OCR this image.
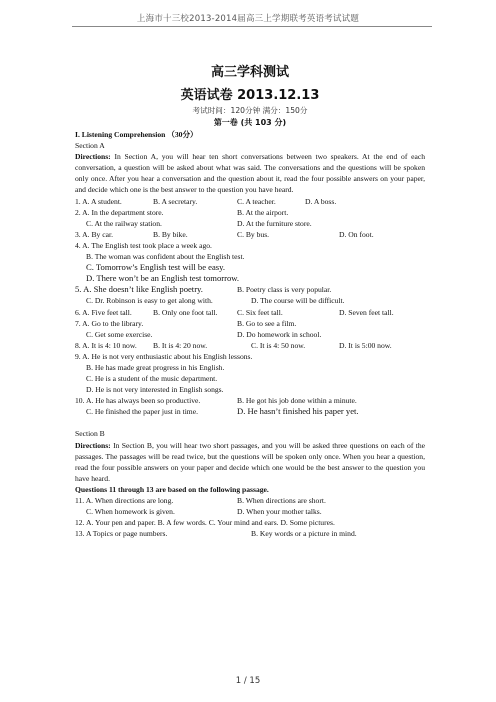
上海市十三校2013-2014届高三上学期联考英语考试试题
高三学科测试
英语试卷 2013.12.13
考试时间：120分钟 满分：150分
第一卷 (共 103 分)
I. Listening Comprehension （30分）
Section A

Directions: In Section A, you will hear ten short conversations between two speakers. At the end of each conversation, a question will be asked about what was said. The conversations and the questions will be spoken only once. After you hear a conversation and the question about it, read the four possible answers on your paper, and decide which one is the best answer to the question you have heard.

1. A. A student.	B. A secretary.	C. A teacher.	D. A boss.
2. A. In the department store.	B. At the airport.
C. At the railway station.	D. At the furniture store.
3. A. By car.	B. By bike.	C. By bus.	D. On foot.
4. A. The English test took place a week ago.
B. The woman was confident about the English test.
C. Tomorrow’s English test will be easy.
D. There won’t be an English test tomorrow.
5. A. She doesn’t like English poetry.	B. Poetry class is very popular.
C. Dr. Robinson is easy to get along with.	D. The course will be difficult.
6. A. Five feet tall.	B. Only one foot tall.	C. Six feet tall.	D. Seven feet tall.
7. A. Go to the library.	B. Go to see a film.
C. Get some exercise.	D. Do homework in school.
8. A. It is 4: 10 now. B. It is 4: 20 now.	C. It is 4: 50 now.	D. It is 5:00 now.
9. A. He is not very enthusiastic about his English lessons.
B. He has made great progress in his English.
C. He is a student of the music department.
D. He is not very interested in English songs.
10. A. He has always been so productive.	B. He got his job done within a minute.
C. He finished the paper just in time.	D. He hasn’t finished his paper yet.
Section B

Directions: In Section B, you will hear two short passages, and you will be asked three questions on each of the passages. The passages will be read twice, but the questions will be spoken only once. When you hear a question, read the four possible answers on your paper and decide which one would be the best answer to the question you have heard.

Questions 11 through 13 are based on the following passage.
11. A. When directions are long.	B. When directions are short.
C. When homework is given.	D. When your mother talks.
12. A. Your pen and paper. B. A few words. C. Your mind and ears. D. Some pictures.
13. A Topics or page numbers.	B. Key words or a picture in mind.
1 / 15
